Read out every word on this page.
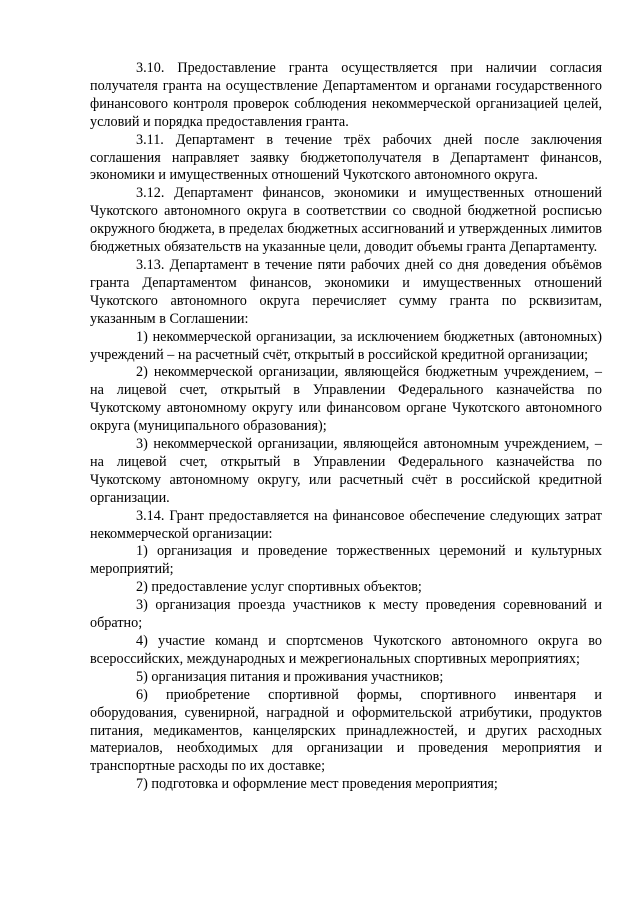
3.10. Предоставление гранта осуществляется при наличии согласия получателя гранта на осуществление Департаментом и органами государственного финансового контроля проверок соблюдения некоммерческой организацией целей, условий и порядка предоставления гранта.

3.11. Департамент в течение трёх рабочих дней после заключения соглашения направляет заявку бюджетополучателя в Департамент финансов, экономики и имущественных отношений Чукотского автономного округа.

3.12. Департамент финансов, экономики и имущественных отношений Чукотского автономного округа в соответствии со сводной бюджетной росписью окружного бюджета, в пределах бюджетных ассигнований и утвержденных лимитов бюджетных обязательств на указанные цели, доводит объемы гранта Департаменту.

3.13. Департамент в течение пяти рабочих дней со дня доведения объёмов гранта Департаментом финансов, экономики и имущественных отношений Чукотского автономного округа перечисляет сумму гранта по рсквизитам, указанным в Соглашении:

1) некоммерческой организации, за исключением бюджетных (автономных) учреждений – на расчетный счёт, открытый в российской кредитной организации;

2) некоммерческой организации, являющейся бюджетным учреждением, – на лицевой счет, открытый в Управлении Федерального казначейства по Чукотскому автономному округу или финансовом органе Чукотского автономного округа (муниципального образования);

3) некоммерческой организации, являющейся автономным учреждением, – на лицевой счет, открытый в Управлении Федерального казначейства по Чукотскому автономному округу, или расчетный счёт в российской кредитной организации.

3.14. Грант предоставляется на финансовое обеспечение следующих затрат некоммерческой организации:

1) организация и проведение торжественных церемоний и культурных мероприятий;

2) предоставление услуг спортивных объектов;

3) организация проезда участников к месту проведения соревнований и обратно;

4) участие команд и спортсменов Чукотского автономного округа во всероссийских, международных и межрегиональных спортивных мероприятиях;

5) организация питания и проживания участников;

6) приобретение спортивной формы, спортивного инвентаря и оборудования, сувенирной, наградной и оформительской атрибутики, продуктов питания, медикаментов, канцелярских принадлежностей, и других расходных материалов, необходимых для организации и проведения мероприятия и транспортные расходы по их доставке;

7) подготовка и оформление мест проведения мероприятия;
